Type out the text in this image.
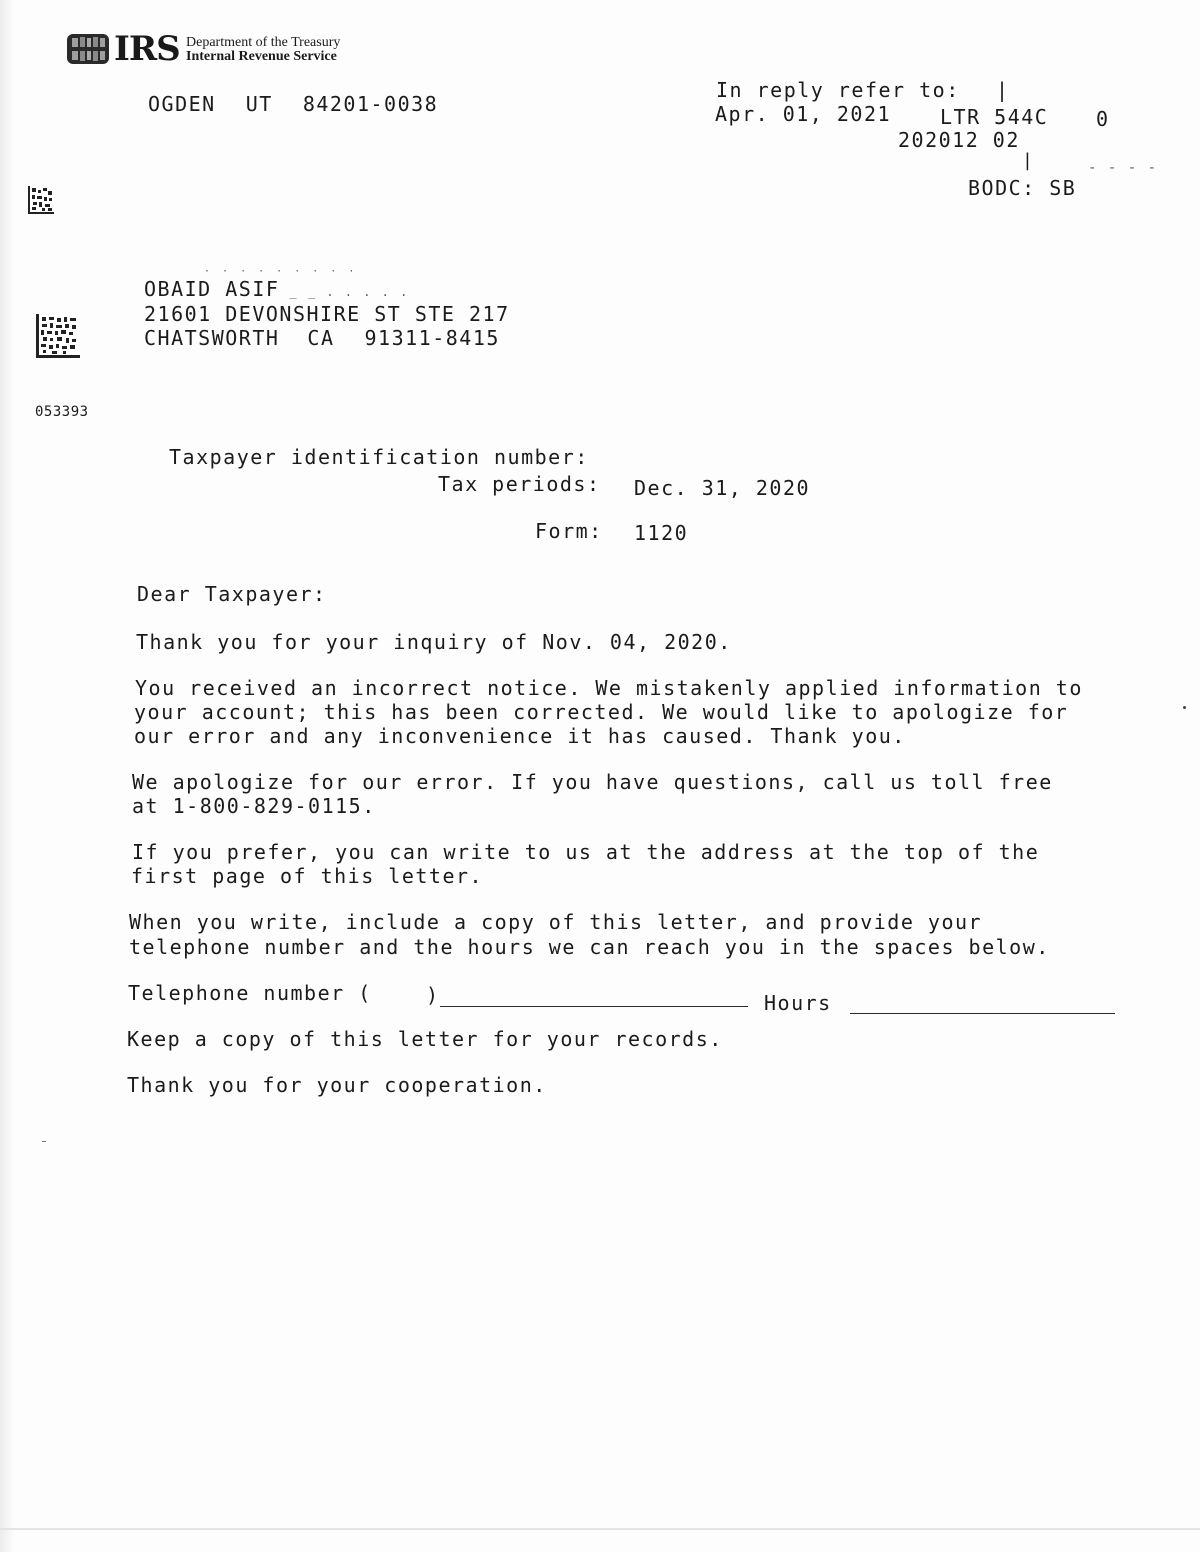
IRS Department of the Treasury
Internal Revenue Service
OGDEN UT 84201-0038
In reply refer to: |
Apr. 01, 2021 LTR 544C 0
202012 02
|	- - - -
BODC: SB
· · · · · · · · ·
OBAID ASIF _ _ . . . . .
21601 DEVONSHIRE ST STE 217
CHATSWORTH CA 91311-8415
053393
Taxpayer identification number:
Tax periods: Dec. 31, 2020
Form: 1120
Dear Taxpayer:
Thank you for your inquiry of Nov. 04, 2020.
You received an incorrect notice. We mistakenly applied information to
your account; this has been corrected. We would like to apologize for
our error and any inconvenience it has caused. Thank you.
We apologize for our error. If you have questions, call us toll free
at 1-800-829-0115.
If you prefer, you can write to us at the address at the top of the
first page of this letter.
When you write, include a copy of this letter, and provide your
telephone number and the hours we can reach you in the spaces below.
Telephone number (	)	Hours
Keep a copy of this letter for your records.
Thank you for your cooperation.
